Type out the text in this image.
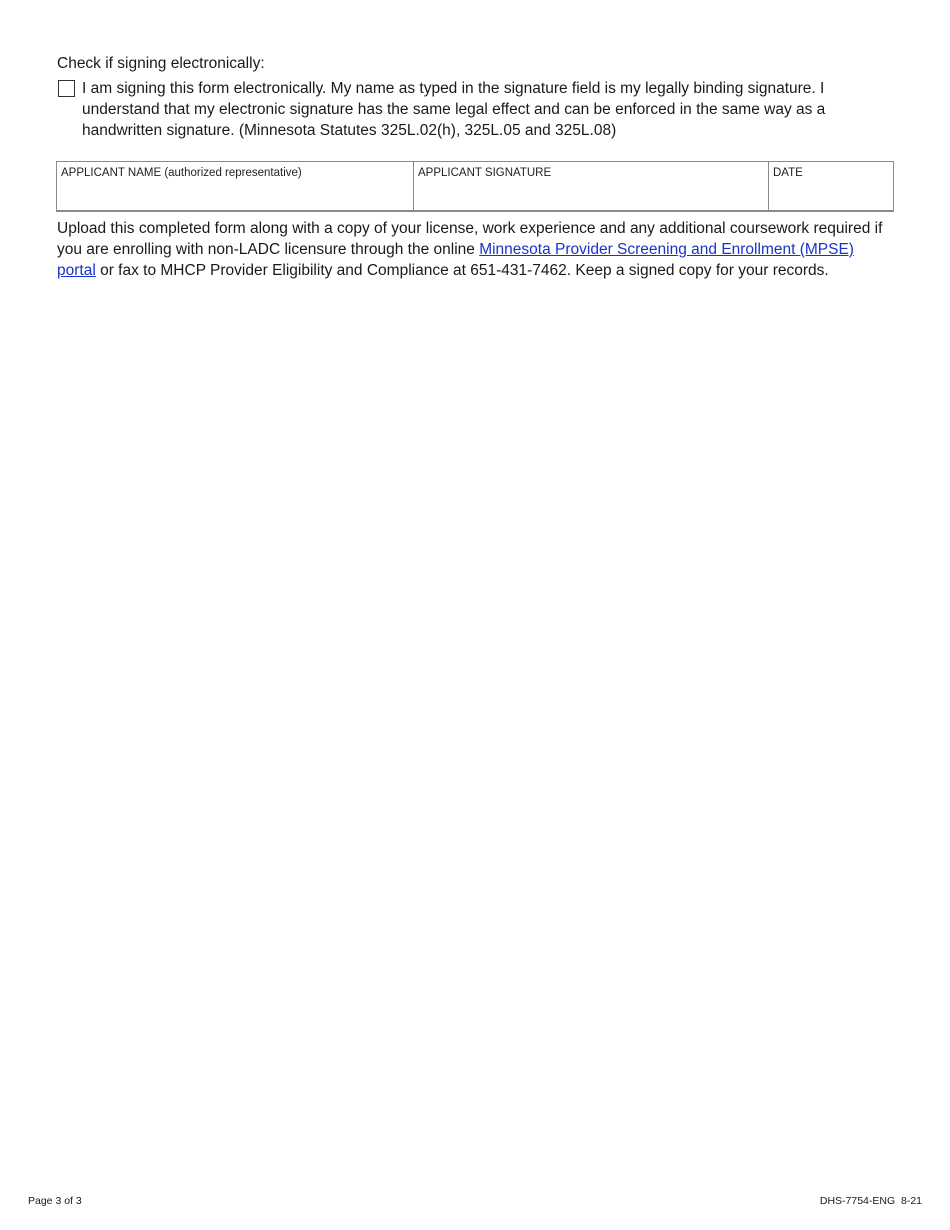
Check if signing electronically:
I am signing this form electronically. My name as typed in the signature field is my legally binding signature. I understand that my electronic signature has the same legal effect and can be enforced in the same way as a handwritten signature. (Minnesota Statutes 325L.02(h), 325L.05 and 325L.08)
APPLICANT NAME (authorized representative)	APPLICANT SIGNATURE	DATE
Upload this completed form along with a copy of your license, work experience and any additional coursework required if you are enrolling with non-LADC licensure through the online Minnesota Provider Screening and Enrollment (MPSE) portal or fax to MHCP Provider Eligibility and Compliance at 651-431-7462. Keep a signed copy for your records.
Page 3 of 3	DHS-7754-ENG  8-21
